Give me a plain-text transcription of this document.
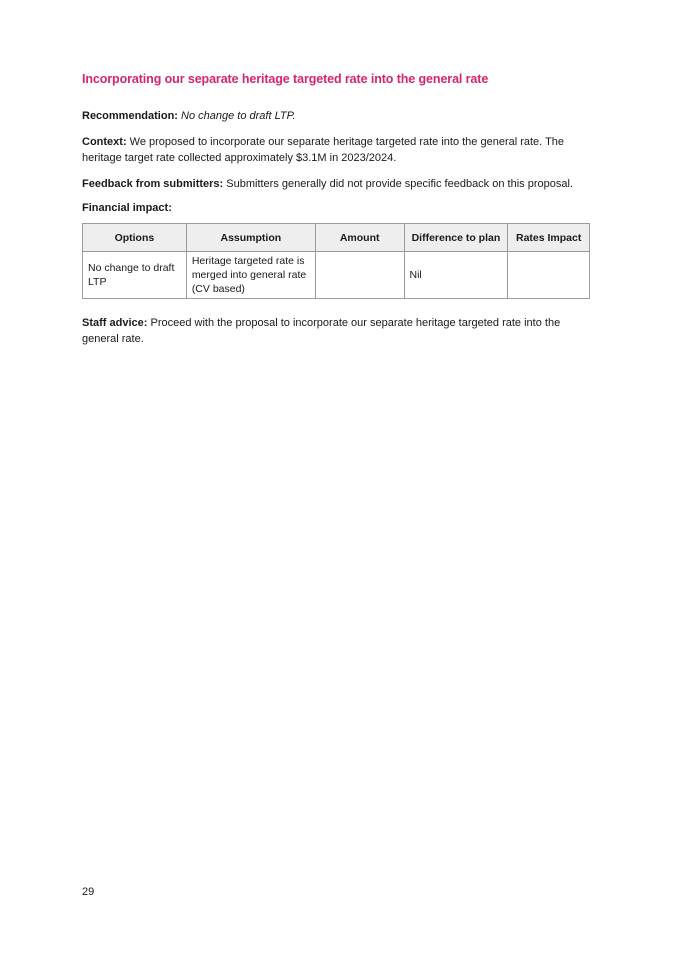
Incorporating our separate heritage targeted rate into the general rate

Recommendation: No change to draft LTP.

Context: We proposed to incorporate our separate heritage targeted rate into the general rate. The heritage target rate collected approximately $3.1M in 2023/2024.

Feedback from submitters: Submitters generally did not provide specific feedback on this proposal.

Financial impact:

Options	Assumption	Amount	Difference to plan	Rates Impact
No change to draft LTP	Heritage targeted rate is merged into general rate (CV based)		Nil	

Staff advice: Proceed with the proposal to incorporate our separate heritage targeted rate into the general rate.

29
